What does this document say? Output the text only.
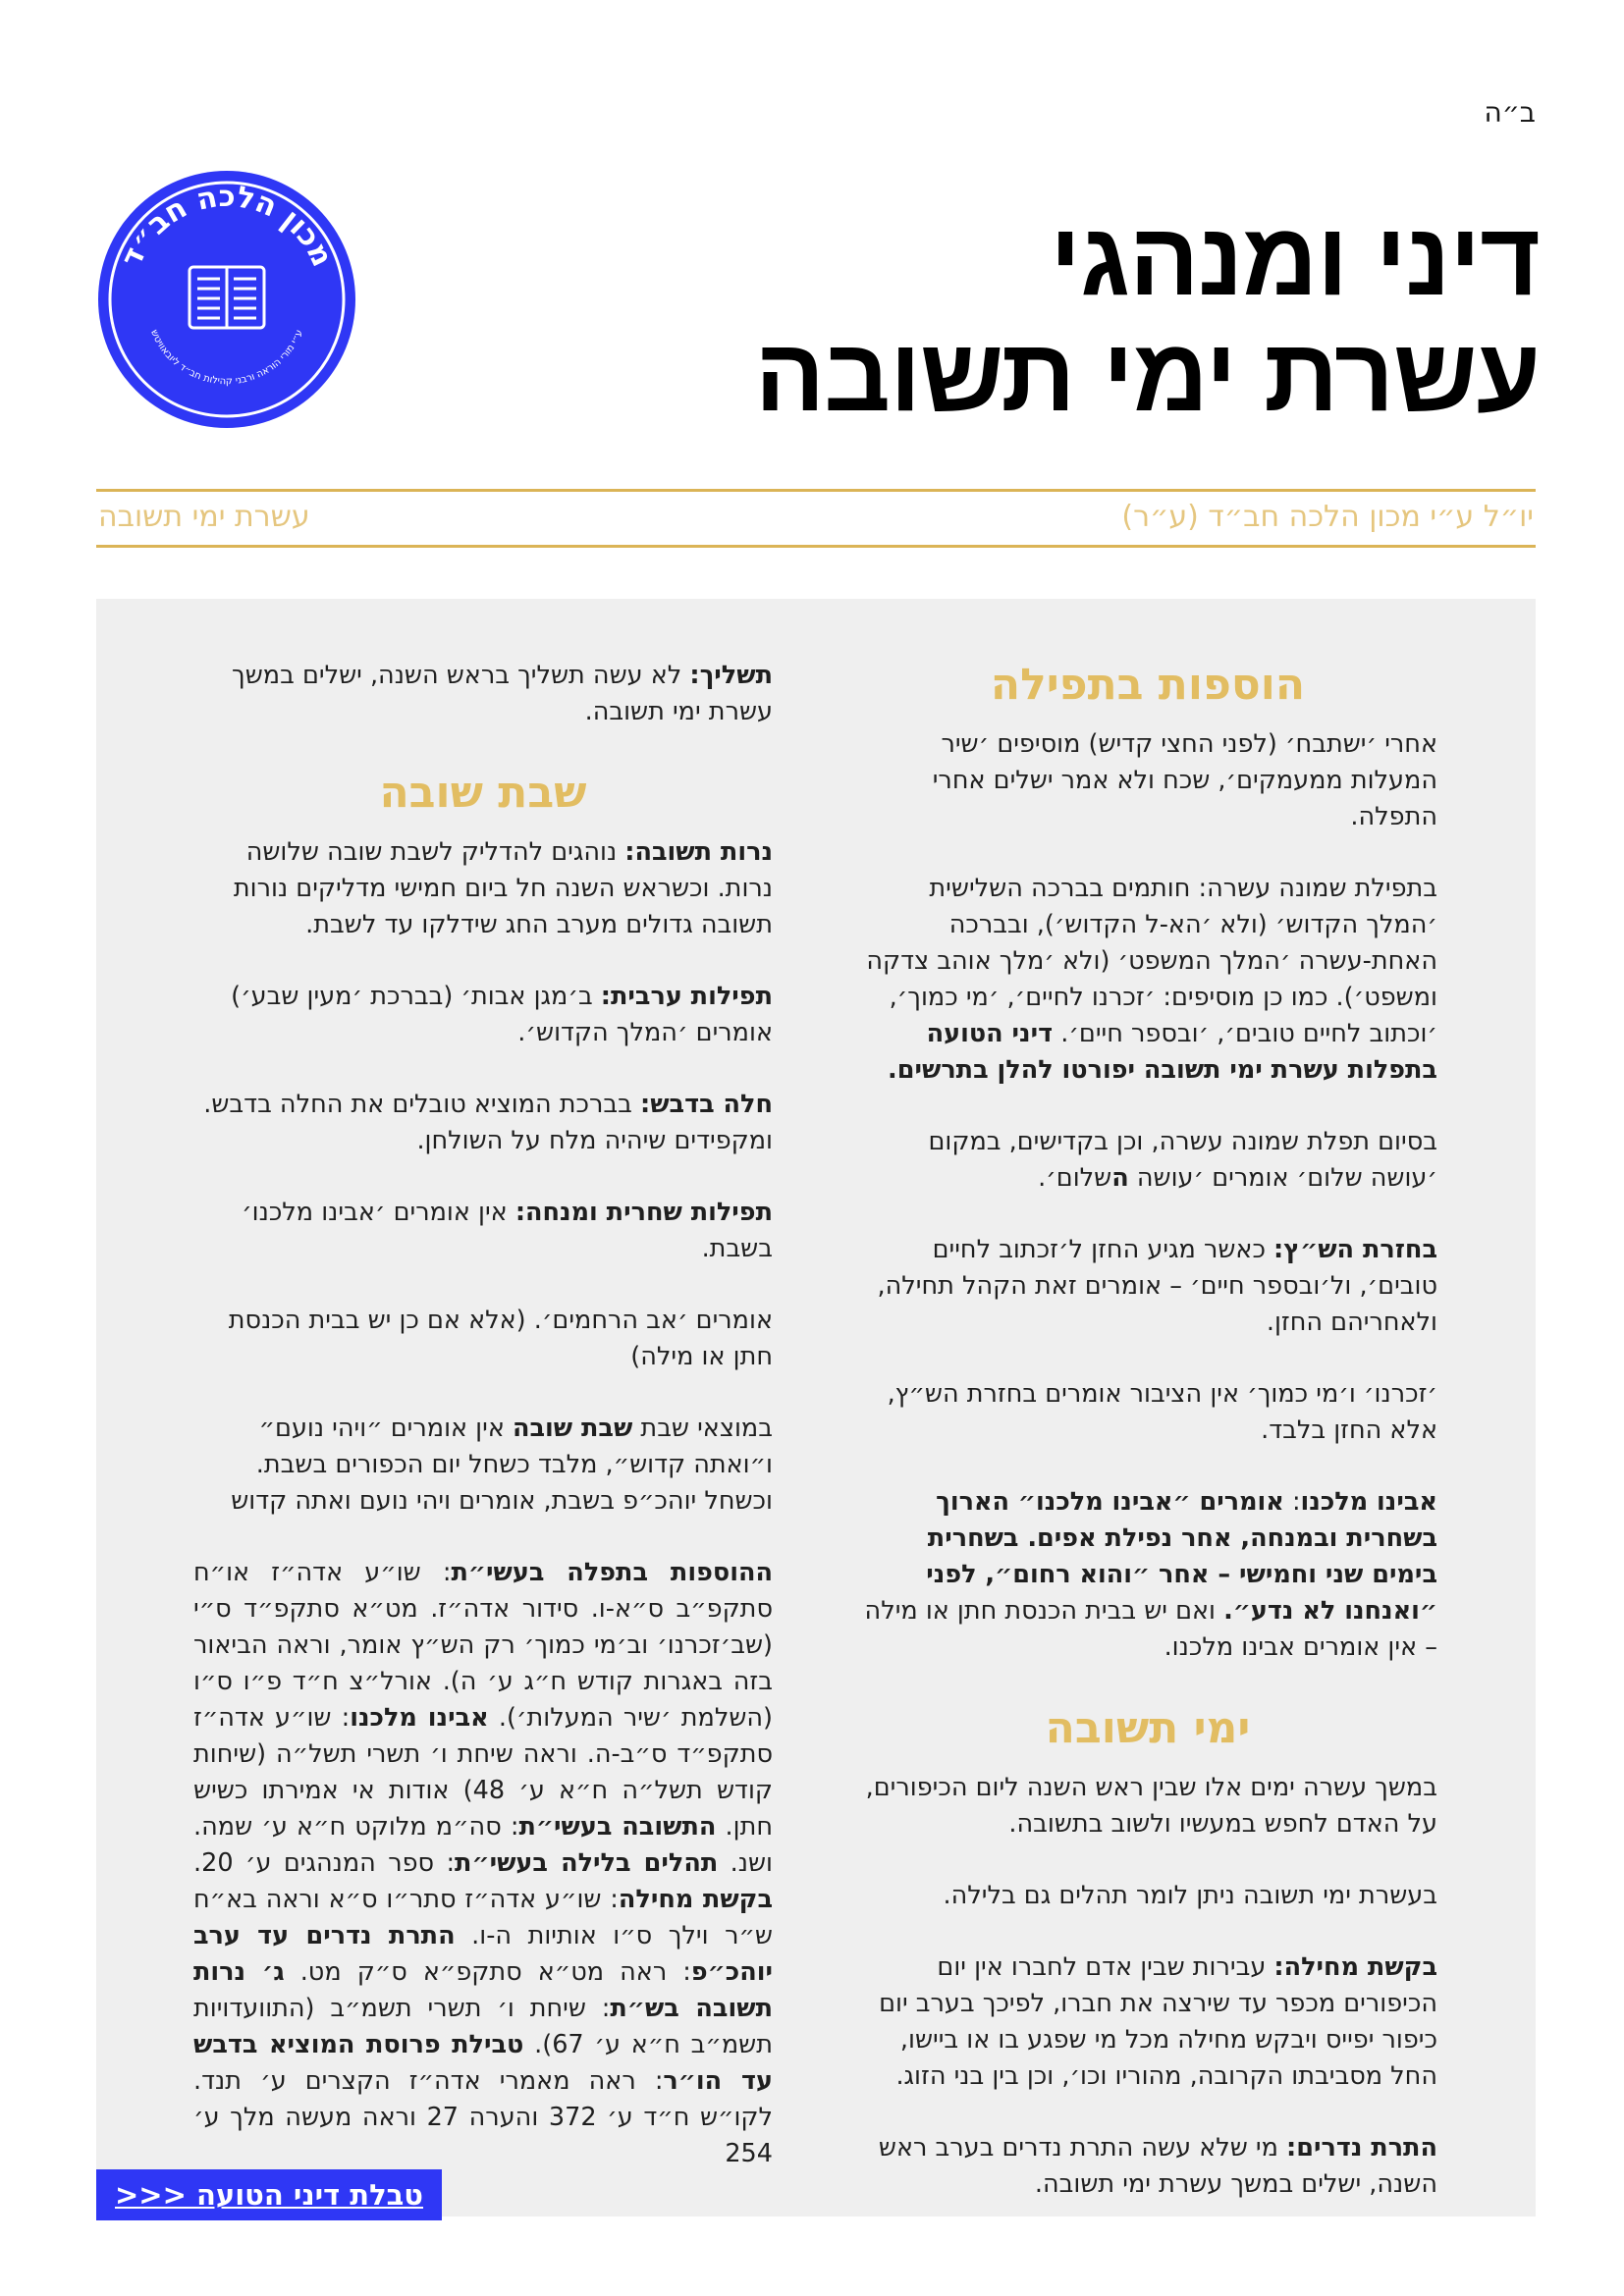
ב״ה
דיני ומנהגי
עשרת ימי תשובה
מכון הלכה חב״ד
ע״י מורי הוראה ורבני קהילות חב״ד ליובאוויטש
יו״ל ע״י מכון הלכה חב״ד (ע״ר)
עשרת ימי תשובה
הוספות בתפילה

אחרי ׳ישתבח׳ (לפני החצי קדיש) מוסיפים ׳שיר המעלות ממעמקים׳, שכח ולא אמר ישלים אחרי התפלה.

בתפילת שמונה עשרה: חותמים בברכה השלישית ׳המלך הקדוש׳ (ולא ׳הא-ל הקדוש׳), ובברכה האחת-עשרה ׳המלך המשפט׳ (ולא ׳מלך אוהב צדקה ומשפט׳). כמו כן מוסיפים: ׳זכרנו לחיים׳, ׳מי כמוך׳, ׳וכתוב לחיים טובים׳, ׳ובספר חיים׳. דיני הטועה בתפלות עשרת ימי תשובה יפורטו להלן בתרשים.

בסיום תפלת שמונה עשרה, וכן בקדישים, במקום ׳עושה שלום׳ אומרים ׳עושה השלום׳.

בחזרת הש״ץ: כאשר מגיע החזן ל׳זכתוב לחיים טובים׳, ול׳ובספר חיים׳ – אומרים זאת הקהל תחילה, ולאחריהם החזן.

׳זכרנו׳ ו׳מי כמוך׳ אין הציבור אומרים בחזרת הש״ץ, אלא החזן בלבד.

אבינו מלכנו: אומרים ״אבינו מלכנו״ הארוך בשחרית ובמנחה, אחר נפילת אפים. בשחרית בימים שני וחמישי – אחר ״והוא רחום״, לפני ״ואנחנו לא נדע״. ואם יש בבית הכנסת חתן או מילה – אין אומרים אבינו מלכנו.

ימי תשובה

במשך עשרה ימים אלו שבין ראש השנה ליום הכיפורים, על האדם לחפש במעשיו ולשוב בתשובה.

בעשרת ימי תשובה ניתן לומר תהלים גם בלילה.

בקשת מחילה: עבירות שבין אדם לחברו אין יום הכיפורים מכפר עד שירצה את חברו, לפיכך בערב יום כיפור יפייס ויבקש מחילה מכל מי שפגע בו או ביישו, החל מסביבתו הקרובה, מהוריו וכו׳, וכן בין בני הזוג.

התרת נדרים: מי שלא עשה התרת נדרים בערב ראש השנה, ישלים במשך עשרת ימי תשובה.

תשליך: לא עשה תשליך בראש השנה, ישלים במשך עשרת ימי תשובה.

שבת שובה

נרות תשובה: נוהגים להדליק לשבת שובה שלושה נרות. וכשראש השנה חל ביום חמישי מדליקים נורות תשובה גדולים מערב החג שידלקו עד לשבת.

תפילות ערבית: ב׳מגן אבות׳ (בברכת ׳מעין שבע׳) אומרים ׳המלך הקדוש׳.

חלה בדבש: בברכת המוציא טובלים את החלה בדבש. ומקפידים שיהיה מלח על השולחן.

תפילות שחרית ומנחה: אין אומרים ׳אבינו מלכנו׳ בשבת.

אומרים ׳אב הרחמים׳. (אלא אם כן יש בבית הכנסת חתן או מילה)

במוצאי שבת שבת שובה אין אומרים ״ויהי נועם״ ו״ואתה קדוש״, מלבד כשחל יום הכפורים בשבת. וכשחל יוהכ״פ בשבת, אומרים ויהי נועם ואתה קדוש

ההוספות בתפלה בעשי״ת: שו״ע אדה״ז או״ח סתקפ״ב ס״א-ו. סידור אדה״ז. מט״א סתקפ״ד ס״י (שב׳זכרנו׳ וב׳מי כמוך׳ רק הש״ץ אומר, וראה הביאור בזה באגרות קודש ח״ג ע׳ ה). אורל״צ ח״ד פ״ו ס״ו (השלמת ׳שיר המעלות׳). אבינו מלכנו: שו״ע אדה״ז סתקפ״ד ס״ב-ה. וראה שיחת ו׳ תשרי תשל״ה (שיחות קודש תשל״ה ח״א ע׳ 48) אודות אי אמירתו כשיש חתן. התשובה בעשי״ת: סה״מ מלוקט ח״א ע׳ שמה. ושנ. תהלים בלילה בעשי״ת: ספר המנהגים ע׳ 20. בקשת מחילה: שו״ע אדה״ז סתר״ו ס״א וראה בא״ח ש״ר וילך ס״ו אותיות ה-ו. התרת נדרים עד ערב יוהכ״פ: ראה מט״א סתקפ״א ס״ק מט. ג׳ נרות תשובה בש״ת: שיחת ו׳ תשרי תשמ״ב (התוועדויות תשמ״ב ח״א ע׳ 67). טבילת פרוסת המוציא בדבש עד הו״ר: ראה מאמרי אדה״ז הקצרים ע׳ תנד. לקו״ש ח״ד ע׳ 372 והערה 27 וראה מעשה מלך ע׳ 254

טבלת דיני הטועה <<<
